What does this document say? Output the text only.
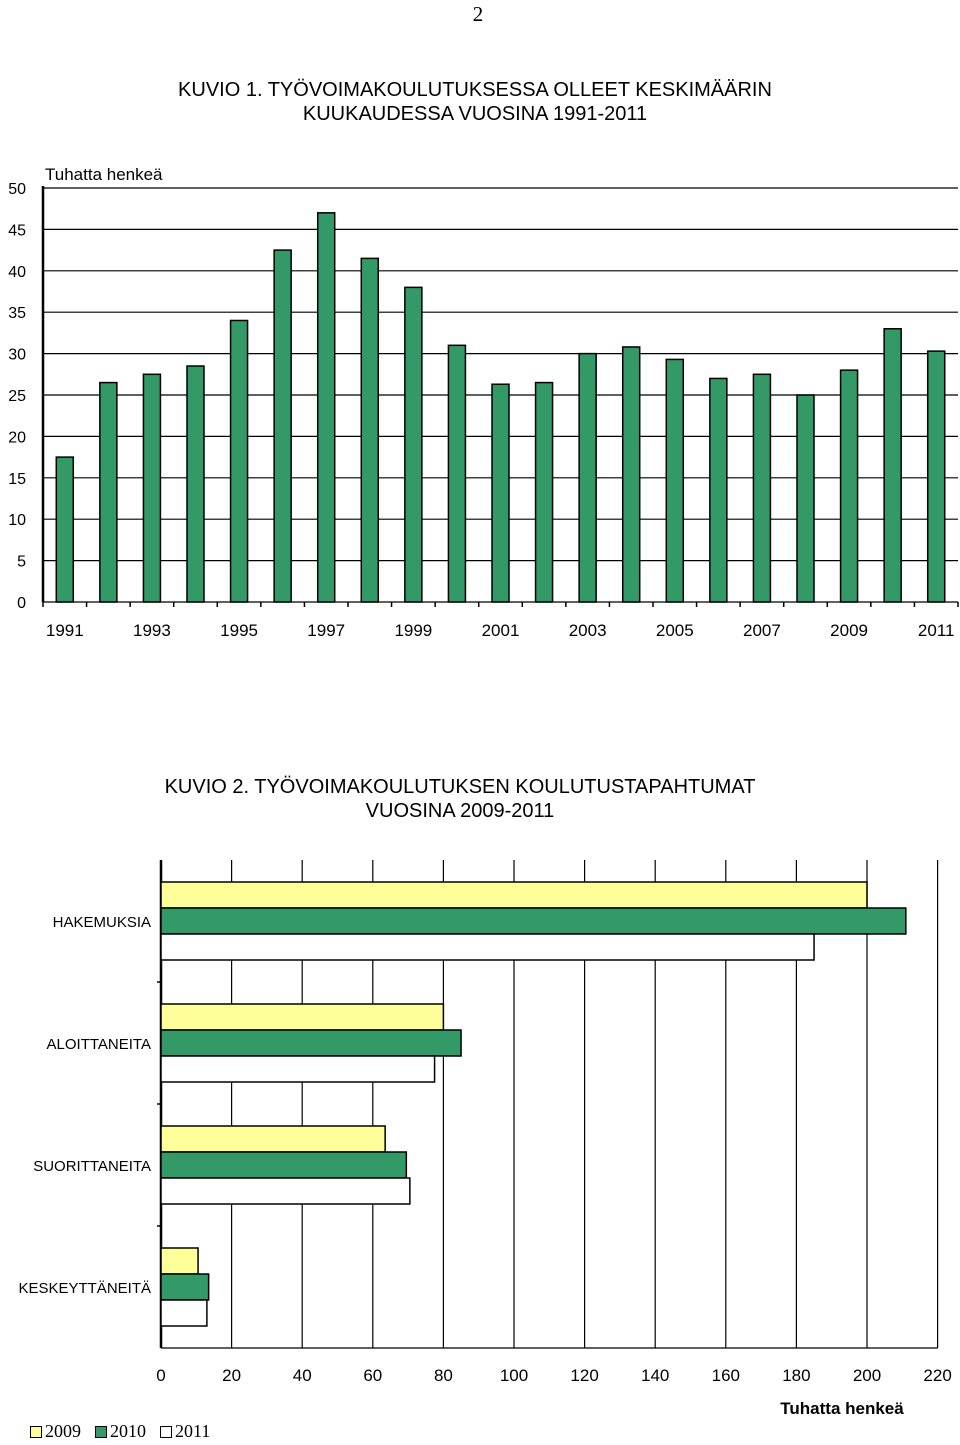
2
KUVIO 1. TYÖVOIMAKOULUTUKSESSA OLLEET KESKIMÄÄRIN
KUUKAUDESSA VUOSINA 1991-2011
KUVIO 2. TYÖVOIMAKOULUTUKSEN KOULUTUSTAPAHTUMAT
VUOSINA 2009-2011
0
5
10
15
20
25
30
35
40
45
50
Tuhatta henkeä
1991	1993	1995	1997	1999	2001	2003	2005	2007	2009	2011
0	20	40	60	80	100 120 140 160 180 200 220
Tuhatta henkeä
HAKEMUKSIA
ALOITTANEITA
SUORITTANEITA
KESKEYTTÄNEITÄ
2009 2010 2011
